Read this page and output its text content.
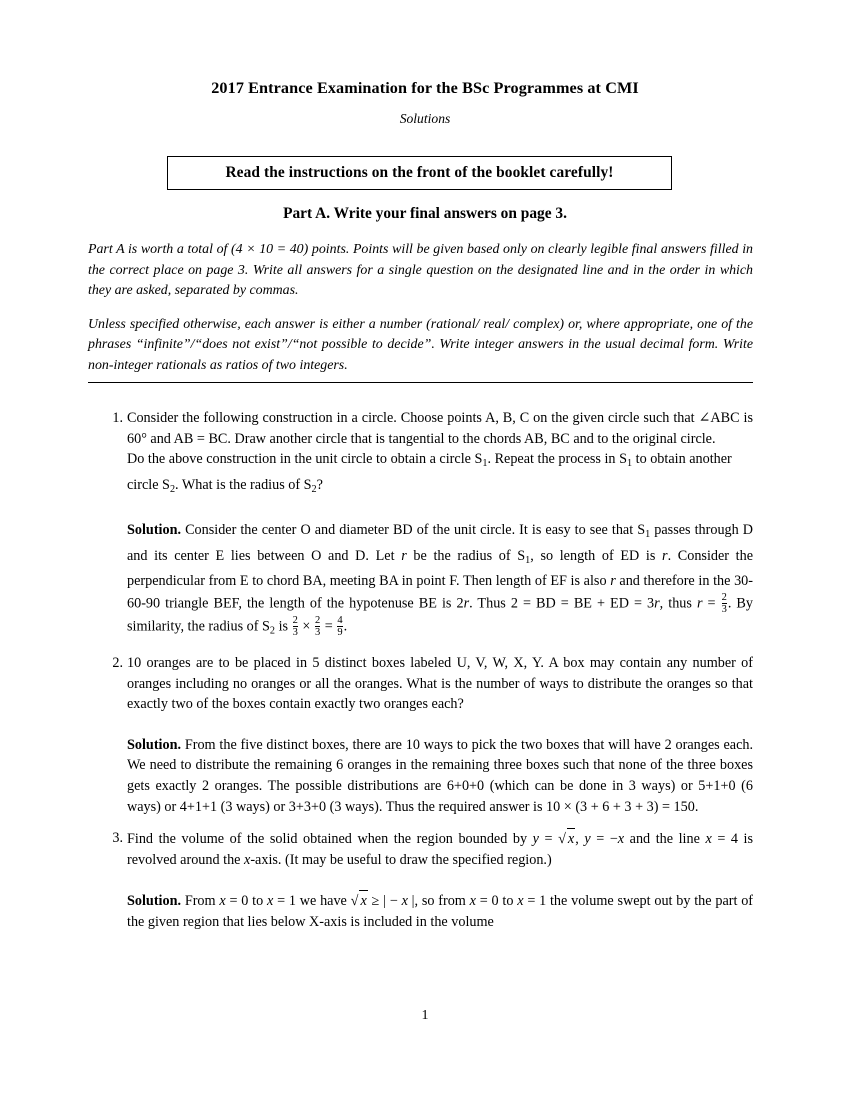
2017 Entrance Examination for the BSc Programmes at CMI
Solutions
Read the instructions on the front of the booklet carefully!
Part A. Write your final answers on page 3.

Part A is worth a total of (4 × 10 = 40) points. Points will be given based only on clearly legible final answers filled in the correct place on page 3. Write all answers for a single question on the designated line and in the order in which they are asked, separated by commas.

Unless specified otherwise, each answer is either a number (rational/ real/ complex) or, where appropriate, one of the phrases “infinite”/“does not exist”/“not possible to decide”. Write integer answers in the usual decimal form. Write non-integer rationals as ratios of two integers.

1. Consider the following construction in a circle. Choose points A, B, C on the given circle such that ∠ABC is 60° and AB = BC. Draw another circle that is tangential to the chords AB, BC and to the original circle.

Do the above construction in the unit circle to obtain a circle $S_1$. Repeat the process in $S_1$ to obtain another circle $S_2$. What is the radius of $S_2$?

Solution. Consider the center O and diameter BD of the unit circle. It is easy to see that $S_1$ passes through D and its center E lies between O and D. Let r be the radius of $S_1$, so length of ED is r. Consider the perpendicular from E to chord BA, meeting BA in point F. Then length of EF is also r and therefore in the 30-60-90 triangle BEF, the length of the hypotenuse BE is 2r. Thus 2 = BD = BE + ED = 3r, thus $r = \frac{2}{3}$ . By similarity, the radius of $S_2$ is $\frac{2}{3} \times \frac{2}{3} = \frac{4}{9}$ .

2. 10 oranges are to be placed in 5 distinct boxes labeled U, V, W, X, Y. A box may contain any number of oranges including no oranges or all the oranges. What is the number of ways to distribute the oranges so that exactly two of the boxes contain exactly two oranges each?

Solution. From the five distinct boxes, there are 10 ways to pick the two boxes that will have 2 oranges each. We need to distribute the remaining 6 oranges in the remaining three boxes such that none of the three boxes gets exactly 2 oranges. The possible distributions are 6+0+0 (which can be done in 3 ways) or 5+1+0 (6 ways) or 4+1+1 (3 ways) or 3+3+0 (3 ways). Thus the required answer is 10 × (3 + 6 + 3 + 3) = 150.

3. Find the volume of the solid obtained when the region bounded by y = √ x, y = −x and the line x = 4 is revolved around the x-axis. (It may be useful to draw the specified region.)

Solution. From x = 0 to x = 1 we have √ x ≥ | − x |, so from x = 0 to x = 1 the volume swept out by the part of the given region that lies below X-axis is included in the volume

1
